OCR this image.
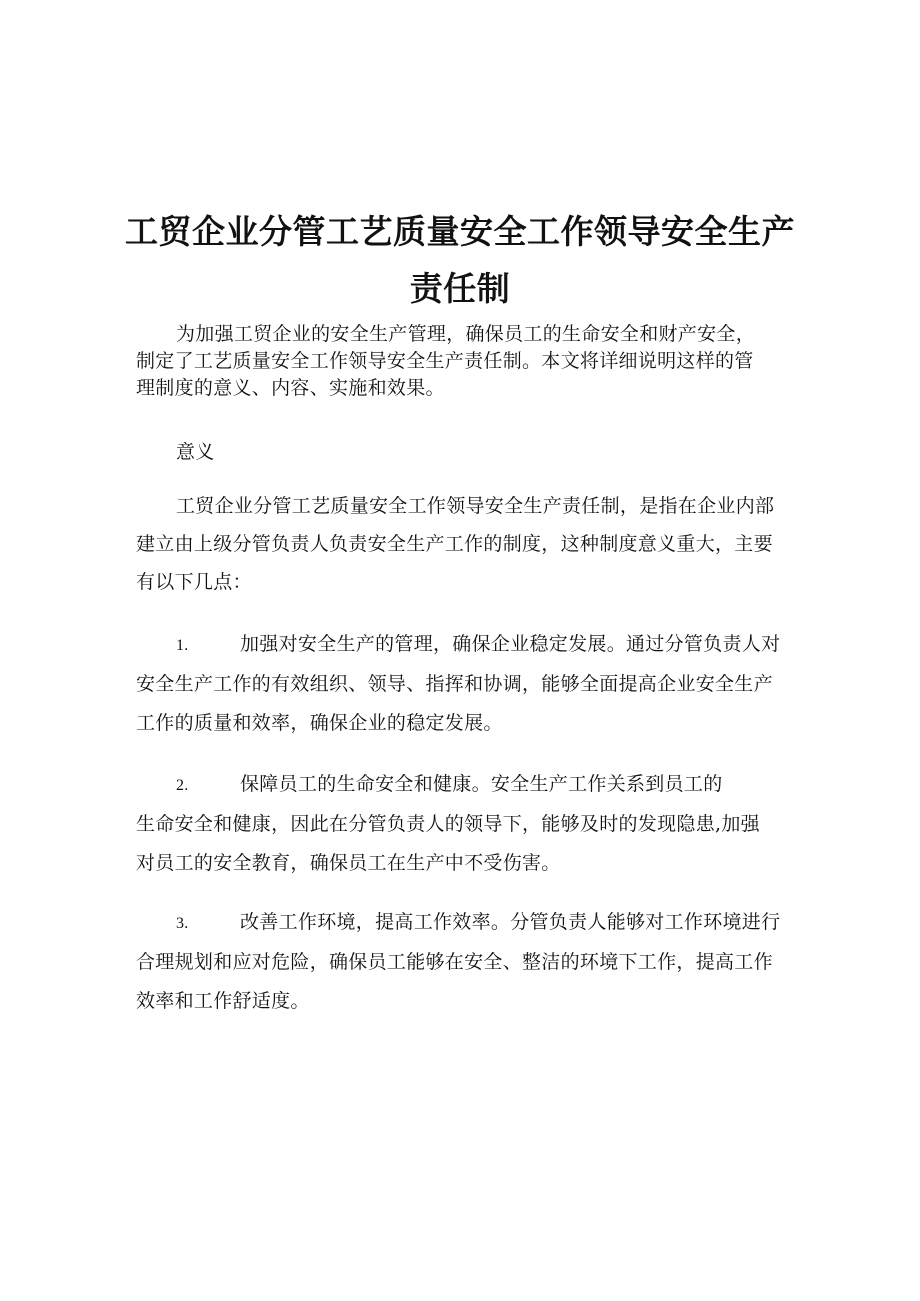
工贸企业分管工艺质量安全工作领导安全生产
责任制
为加强工贸企业的安全生产管理，确保员工的生命安全和财产安全，
制定了工艺质量安全工作领导安全生产责任制。本文将详细说明这样的管
理制度的意义、内容、实施和效果。
意义
工贸企业分管工艺质量安全工作领导安全生产责任制，是指在企业内部
建立由上级分管负责人负责安全生产工作的制度，这种制度意义重大，主要
有以下几点：
1.	加强对安全生产的管理，确保企业稳定发展。通过分管负责人对
安全生产工作的有效组织、领导、指挥和协调，能够全面提高企业安全生产
工作的质量和效率，确保企业的稳定发展。
2.	保障员工的生命安全和健康。安全生产工作关系到员工的
生命安全和健康，因此在分管负责人的领导下，能够及时的发现隐患,加强
对员工的安全教育，确保员工在生产中不受伤害。
3.	改善工作环境，提高工作效率。分管负责人能够对工作环境进行
合理规划和应对危险，确保员工能够在安全、整洁的环境下工作，提高工作
效率和工作舒适度。
